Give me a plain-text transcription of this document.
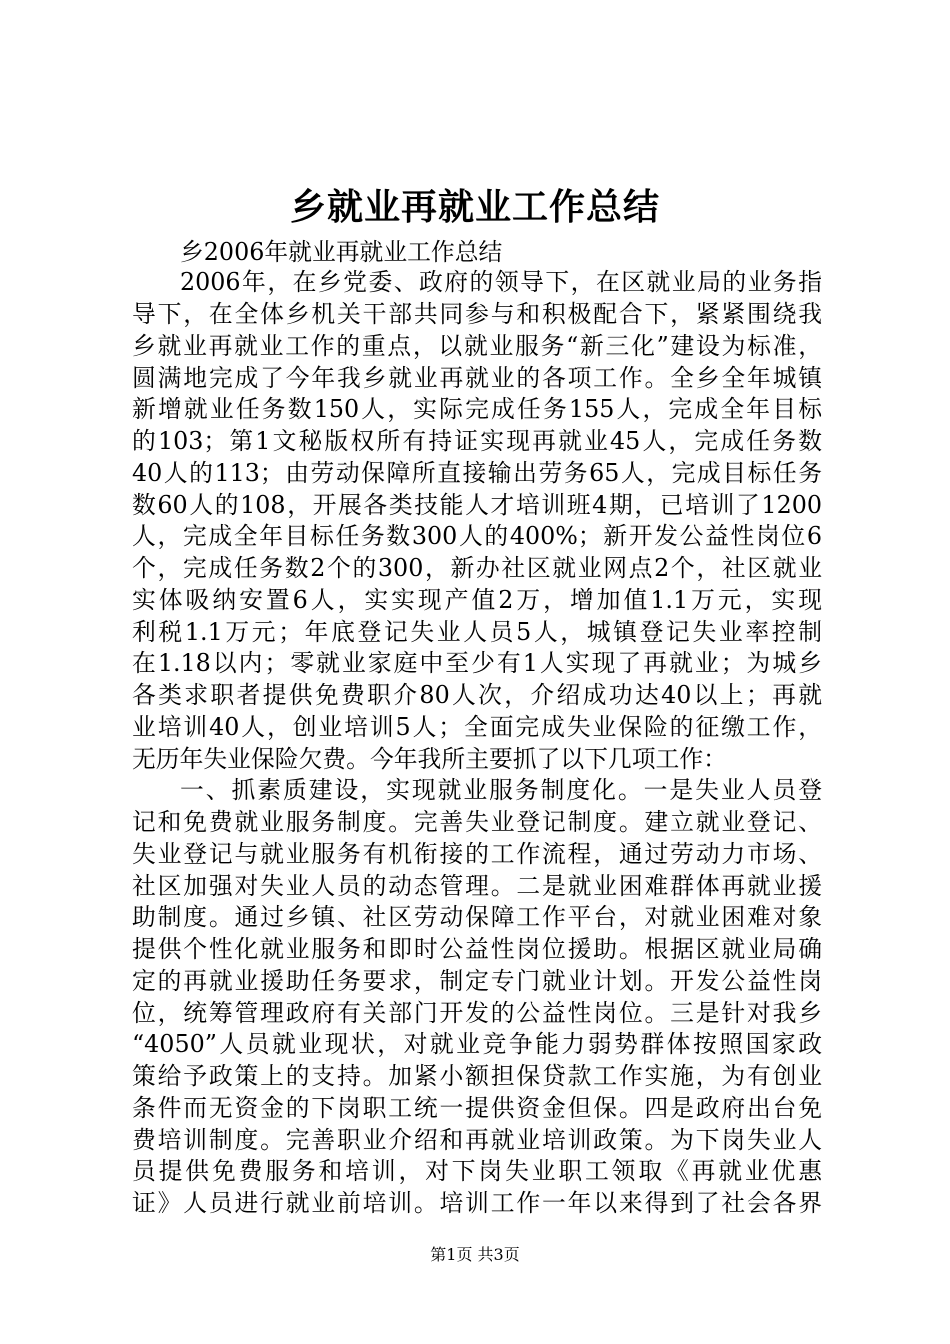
乡就业再就业工作总结
乡2006年就业再就业工作总结
2006年，在乡党委、政府的领导下，在区就业局的业务指
导下，在全体乡机关干部共同参与和积极配合下，紧紧围绕我
乡就业再就业工作的重点，以就业服务“新三化”建设为标准，
圆满地完成了今年我乡就业再就业的各项工作。全乡全年城镇
新增就业任务数150人，实际完成任务155人，完成全年目标
的103；第1文秘版权所有持证实现再就业45人，完成任务数
40人的113；由劳动保障所直接输出劳务65人，完成目标任务
数60人的108，开展各类技能人才培训班4期，已培训了1200
人，完成全年目标任务数300人的400%；新开发公益性岗位6
个，完成任务数2个的300，新办社区就业网点2个，社区就业
实体吸纳安置6人，实实现产值2万，增加值1.1万元，实现
利税1.1万元；年底登记失业人员5人，城镇登记失业率控制
在1.18以内；零就业家庭中至少有1人实现了再就业；为城乡
各类求职者提供免费职介80人次，介绍成功达40以上；再就
业培训40人，创业培训5人；全面完成失业保险的征缴工作，
无历年失业保险欠费。今年我所主要抓了以下几项工作：
一、抓素质建设，实现就业服务制度化。一是失业人员登
记和免费就业服务制度。完善失业登记制度。建立就业登记、
失业登记与就业服务有机衔接的工作流程，通过劳动力市场、
社区加强对失业人员的动态管理。二是就业困难群体再就业援
助制度。通过乡镇、社区劳动保障工作平台，对就业困难对象
提供个性化就业服务和即时公益性岗位援助。根据区就业局确
定的再就业援助任务要求，制定专门就业计划。开发公益性岗
位，统筹管理政府有关部门开发的公益性岗位。三是针对我乡
“4050”人员就业现状，对就业竞争能力弱势群体按照国家政
策给予政策上的支持。加紧小额担保贷款工作实施，为有创业
条件而无资金的下岗职工统一提供资金但保。四是政府出台免
费培训制度。完善职业介绍和再就业培训政策。为下岗失业人
员提供免费服务和培训，对下岗失业职工领取《再就业优惠
证》人员进行就业前培训。培训工作一年以来得到了社会各界
第1页 共3页
